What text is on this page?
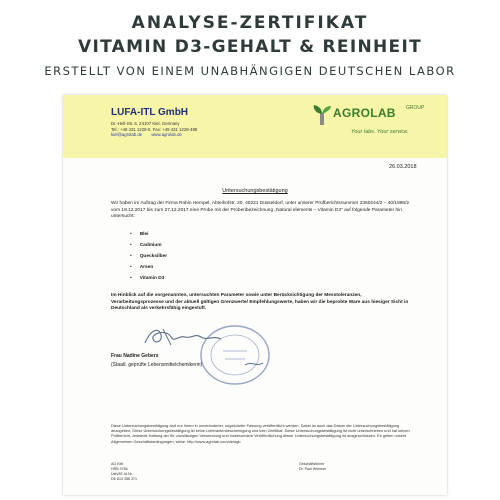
ANALYSE-ZERTIFIKAT
VITAMIN D3-GEHALT & REINHEIT
ERSTELLT VON EINEM UNABHÄNGIGEN DEUTSCHEN LABOR
LUFA-ITL GmbH
Dr.-Hell-Str. 6, 24107 Kiel, Germany
Tel.: +49 431 1228-0, Fax: +49 431 1228-498
kiel@agrolab.de www.agrolab.de
AGROLAB GROUP
Your labs. Your service.
26.03.2018
Untersuchungsbestätigung
Wir haben im Auftrag der Firma Robin Hempel, Abteihofstr. 20, 40221 Düsseldorf, unter unserer Prüfberichtsnummer 2350244/2 – 40/1896/2 vom 18.12.2017 bis zum 27.12.2017 eine Probe mit der Probenbezeichnung „Natural elements – Vitamin D3" auf folgende Parameter hin untersucht:
• Blei
• Cadmium
• Quecksilber
• Arsen
• Vitamin D3
Im Hinblick auf die vorgenannten, untersuchten Parameter sowie unter Berücksichtigung der Messtoleranzen, Verarbeitungsprozesse und der aktuell gültigen Grenzwerte/ Empfehlungswerte, haben wir die beprobte Ware aus hiesiger Sicht in Deutschland als verkehrsfähig eingestuft.
Frau Nadine Gebers
(Staatl. geprüfte Lebensmittelchemikerin)
Diese Untersuchungsbestätigung darf nur ihrem in unveränderter, ungekürzter Fassung veröffentlicht werden. Dabei ist auch das Datum der Untersuchungsbestätigung anzugeben. Diese Untersuchungsbestätigung ist keine Lieferantenbescheinigung und kein Zertifikat. Diese Untersuchungsbestätigung ist nicht unterschrieben und hat keinen Prüfbericht. Jedwede Haftung der für unzulässigen Verwendung und insbesondere Veröffentlichung dieser Untersuchungsbestätigung ist ausgeschlossen. Es gelten unsere Allgemeinen Geschäftsbedingungen, siehe: http://www.agrolab.com/de/agb
AG Kiel
HRB 3766
UstVAT-Id-Nr.
DE 813 356 371
Geschäftsführer
Dr. Paul Wimmer
